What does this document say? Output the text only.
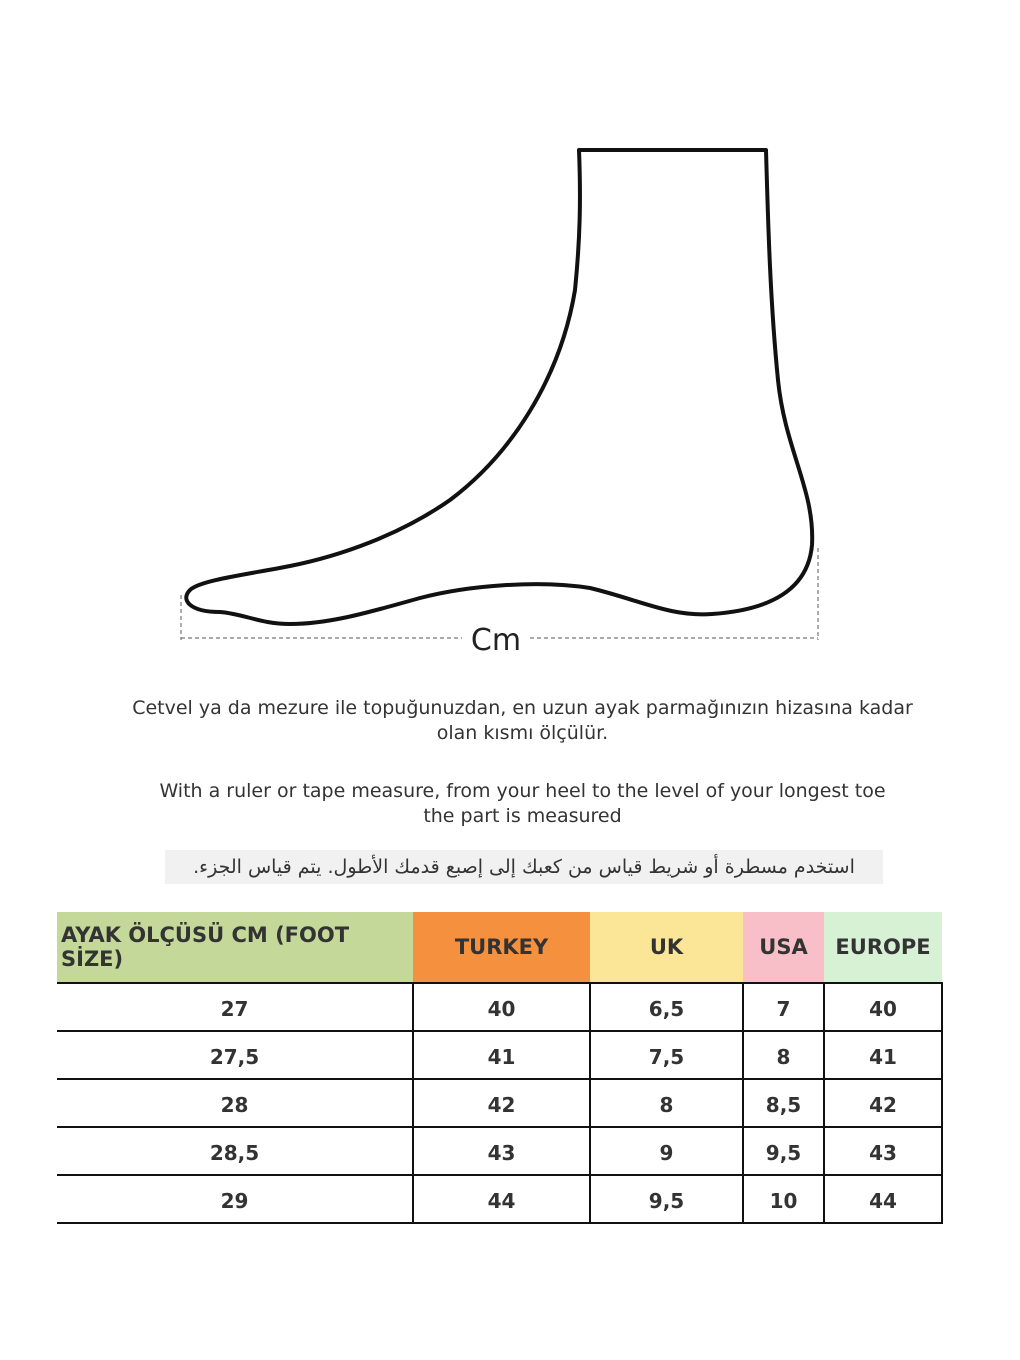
Cm
Cetvel ya da mezure ile topuğunuzdan, en uzun ayak parmağınızın hizasına kadar
olan kısmı ölçülür.
With a ruler or tape measure, from your heel to the level of your longest toe
the part is measured
استخدم مسطرة أو شريط قياس من كعبك إلى إصبع قدمك الأطول. يتم قياس الجزء.
AYAK ÖLÇÜSÜ CM (FOOT SİZE)	TURKEY	UK	USA	EUROPE
27	40	6,5	7	40
27,5	41	7,5	8	41
28	42	8	8,5	42
28,5	43	9	9,5	43
29	44	9,5	10	44
